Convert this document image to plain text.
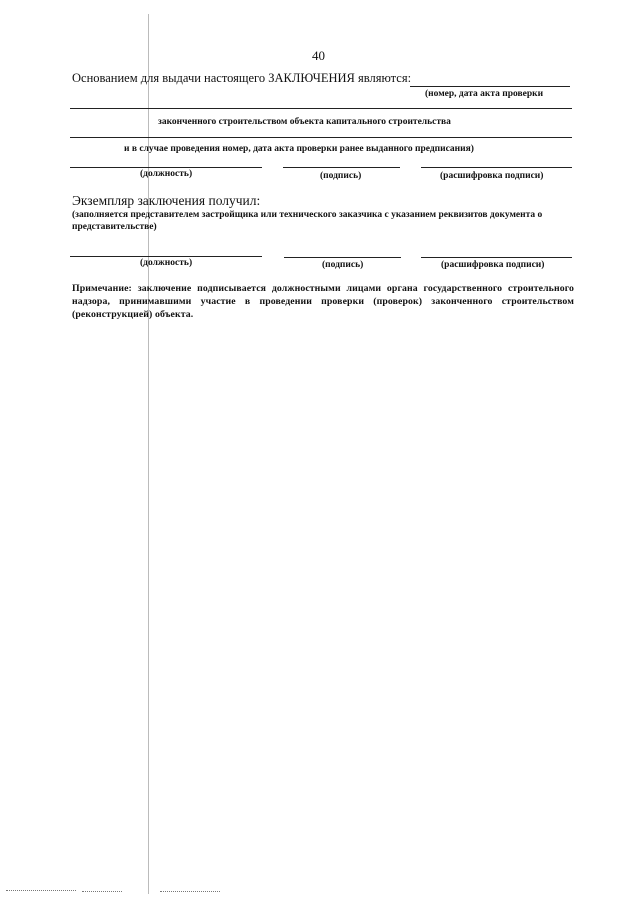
40
Основанием для выдачи настоящего ЗАКЛЮЧЕНИЯ являются:
(номер, дата акта проверки
законченного строительством объекта капитального строительства
и в случае проведения номер, дата акта проверки ранее выданного предписания)
(должность)	(подпись)	(расшифровка подписи)
Экземпляр заключения получил:
(заполняется представителем застройщика или технического заказчика с указанием реквизитов документа о
представительстве)
(должность)	(подпись)	(расшифровка подписи)
Примечание: заключение подписывается должностными лицами органа государственного строительного надзора, принимавшими участие в проведении проверки (проверок) законченного строительством (реконструкцией) объекта.
